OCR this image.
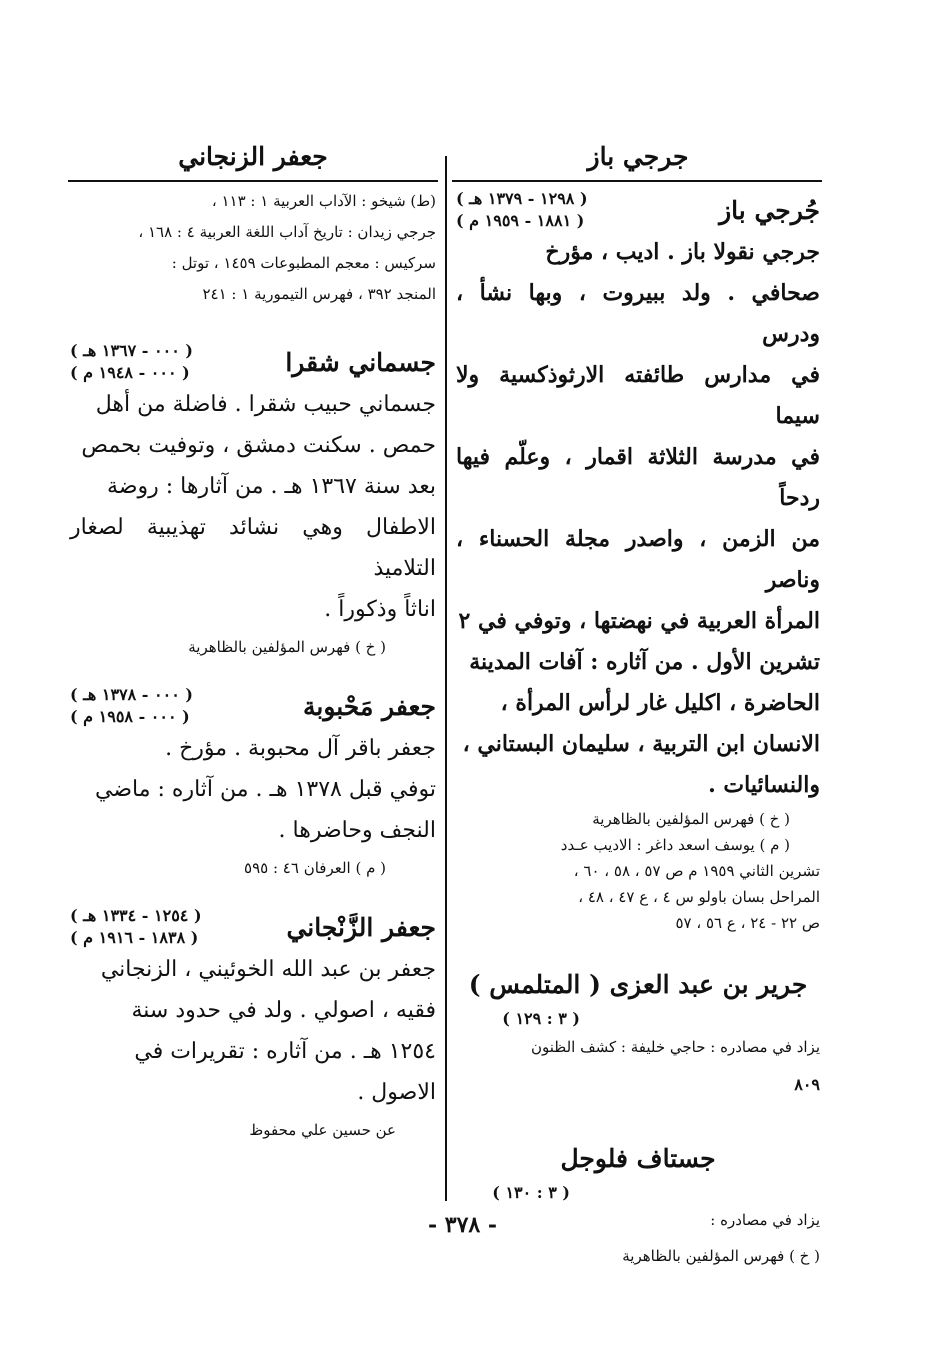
جرجي باز
جُرجي باز
( ١٢٩٨ - ١٣٧٩ هـ )
( ١٨٨١ - ١٩٥٩ م )
جرجي نقولا باز . اديب ، مؤرخ
صحافي . ولد ببيروت ، وبها نشأ ، ودرس
في مدارس طائفته الارثوذكسية ولا سيما
في مدرسة الثلاثة اقمار ، وعلّم فيها ردحاً
من الزمن ، واصدر مجلة الحسناء ، وناصر
المرأة العربية في نهضتها ، وتوفي في ٢
تشرين الأول . من آثاره : آفات المدينة
الحاضرة ، اكليل غار لرأس المرأة ،
الانسان ابن التربية ، سليمان البستاني ،
والنسائيات .
( خ ) فهرس المؤلفين بالظاهرية
( م ) يوسف اسعد داغر : الاديب عـدد
تشرين الثاني ١٩٥٩ م ص ٥٧ ، ٥٨ ، ٦٠ ،
المراحل بسان باولو س ٤ ، ع ٤٧ ، ٤٨ ،
ص ٢٢ - ٢٤ ، ع ٥٦ ، ٥٧
جرير بن عبد العزى ( المتلمس )
( ٣ : ١٢٩ )
يزاد في مصادره : حاجي خليفة : كشف الظنون
٨٠٩
جستاف فلوجل
( ٣ : ١٣٠ )
يزاد في مصادره :
( خ ) فهرس المؤلفين بالظاهرية
جعفر الزنجاني
(ط) شيخو : الآداب العربية ١ : ١١٣ ،
جرجي زيدان : تاريخ آداب اللغة العربية ٤ : ١٦٨ ،
سركيس : معجم المطبوعات ١٤٥٩ ، توتل :
المنجد ٣٩٢ ، فهرس التيمورية ١ : ٢٤١
جسماني شقرا
( ٠٠٠ - ١٣٦٧ هـ )
( ٠٠٠ - ١٩٤٨ م )
جسماني حبيب شقرا . فاضلة من أهل
حمص . سكنت دمشق ، وتوفيت بحمص
بعد سنة ١٣٦٧ هـ . من آثارها : روضة
الاطفال وهي نشائد تهذيبية لصغار التلاميذ
اناثاً وذكوراً .
( خ ) فهرس المؤلفين بالظاهرية
جعفر مَحْبوبة
( ٠٠٠ - ١٣٧٨ هـ )
( ٠٠٠ - ١٩٥٨ م )
جعفر باقر آل محبوبة . مؤرخ .
توفي قبل ١٣٧٨ هـ . من آثاره : ماضي
النجف وحاضرها .
( م ) العرفان ٤٦ : ٥٩٥
جعفر الزَّنْجاني
( ١٢٥٤ - ١٣٣٤ هـ )
( ١٨٣٨ - ١٩١٦ م )
جعفر بن عبد الله الخوئيني ، الزنجاني
فقيه ، اصولي . ولد في حدود سنة
١٢٥٤ هـ . من آثاره : تقريرات في
الاصول .
عن حسين علي محفوظ
- ٣٧٨ -
